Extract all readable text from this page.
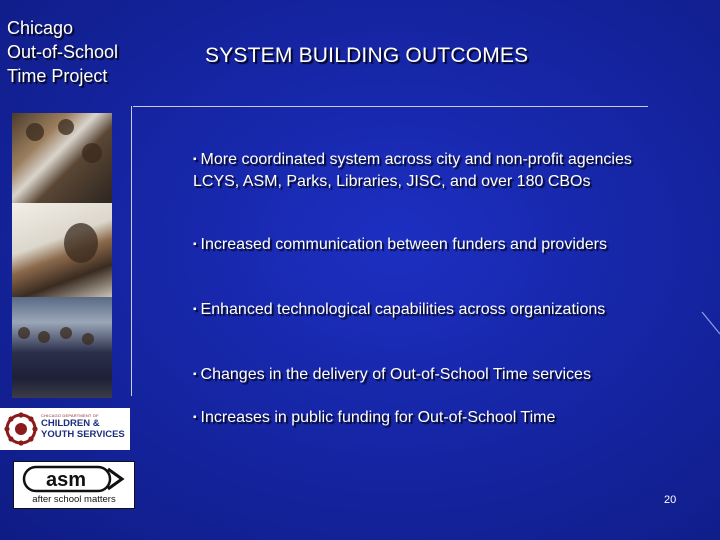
Chicago
Out-of-School
Time Project
SYSTEM BUILDING OUTCOMES
CHICAGO DEPARTMENT OF
CHILDREN &
YOUTH SERVICES
asm
after school matters
▪ More coordinated system across city and non-profit agencies LCYS, ASM, Parks, Libraries, JISC, and over 180 CBOs
▪ Increased communication between funders and providers
▪ Enhanced technological capabilities across organizations
▪ Changes in the delivery of Out-of-School Time services
▪ Increases in public funding for Out-of-School Time
20
